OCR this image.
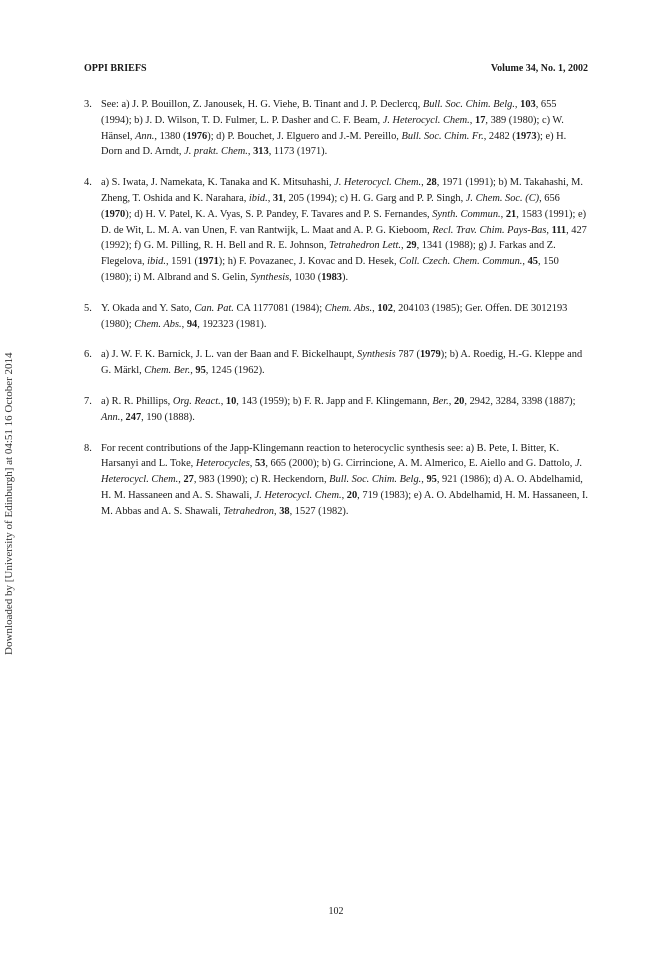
OPPI BRIEFS	Volume 34, No. 1, 2002
Downloaded by [University of Edinburgh] at 04:51 16 October 2014
3. See: a) J. P. Bouillon, Z. Janousek, H. G. Viehe, B. Tinant and J. P. Declercq, Bull. Soc. Chim. Belg., 103, 655 (1994); b) J. D. Wilson, T. D. Fulmer, L. P. Dasher and C. F. Beam, J. Heterocycl. Chem., 17, 389 (1980); c) W. Hänsel, Ann., 1380 (1976); d) P. Bouchet, J. Elguero and J.-M. Pereillo, Bull. Soc. Chim. Fr., 2482 (1973); e) H. Dorn and D. Arndt, J. prakt. Chem., 313, 1173 (1971).
4. a) S. Iwata, J. Namekata, K. Tanaka and K. Mitsuhashi, J. Heterocycl. Chem., 28, 1971 (1991); b) M. Takahashi, M. Zheng, T. Oshida and K. Narahara, ibid., 31, 205 (1994); c) H. G. Garg and P. P. Singh, J. Chem. Soc. (C), 656 (1970); d) H. V. Patel, K. A. Vyas, S. P. Pandey, F. Tavares and P. S. Fernandes, Synth. Commun., 21, 1583 (1991); e) D. de Wit, L. M. A. van Unen, F. van Rantwijk, L. Maat and A. P. G. Kieboom, Recl. Trav. Chim. Pays-Bas, 111, 427 (1992); f) G. M. Pilling, R. H. Bell and R. E. Johnson, Tetrahedron Lett., 29, 1341 (1988); g) J. Farkas and Z. Flegelova, ibid., 1591 (1971); h) F. Povazanec, J. Kovac and D. Hesek, Coll. Czech. Chem. Commun., 45, 150 (1980); i) M. Albrand and S. Gelin, Synthesis, 1030 (1983).
5. Y. Okada and Y. Sato, Can. Pat. CA 1177081 (1984); Chem. Abs., 102, 204103 (1985); Ger. Offen. DE 3012193 (1980); Chem. Abs., 94, 192323 (1981).
6. a) J. W. F. K. Barnick, J. L. van der Baan and F. Bickelhaupt, Synthesis 787 (1979); b) A. Roedig, H.-G. Kleppe and G. Märkl, Chem. Ber., 95, 1245 (1962).
7. a) R. R. Phillips, Org. React., 10, 143 (1959); b) F. R. Japp and F. Klingemann, Ber., 20, 2942, 3284, 3398 (1887); Ann., 247, 190 (1888).
8. For recent contributions of the Japp-Klingemann reaction to heterocyclic synthesis see: a) B. Pete, I. Bitter, K. Harsanyi and L. Toke, Heterocycles, 53, 665 (2000); b) G. Cirrincione, A. M. Almerico, E. Aiello and G. Dattolo, J. Heterocycl. Chem., 27, 983 (1990); c) R. Heckendorn, Bull. Soc. Chim. Belg., 95, 921 (1986); d) A. O. Abdelhamid, H. M. Hassaneen and A. S. Shawali, J. Heterocycl. Chem., 20, 719 (1983); e) A. O. Abdelhamid, H. M. Hassaneen, I. M. Abbas and A. S. Shawali, Tetrahedron, 38, 1527 (1982).
102
